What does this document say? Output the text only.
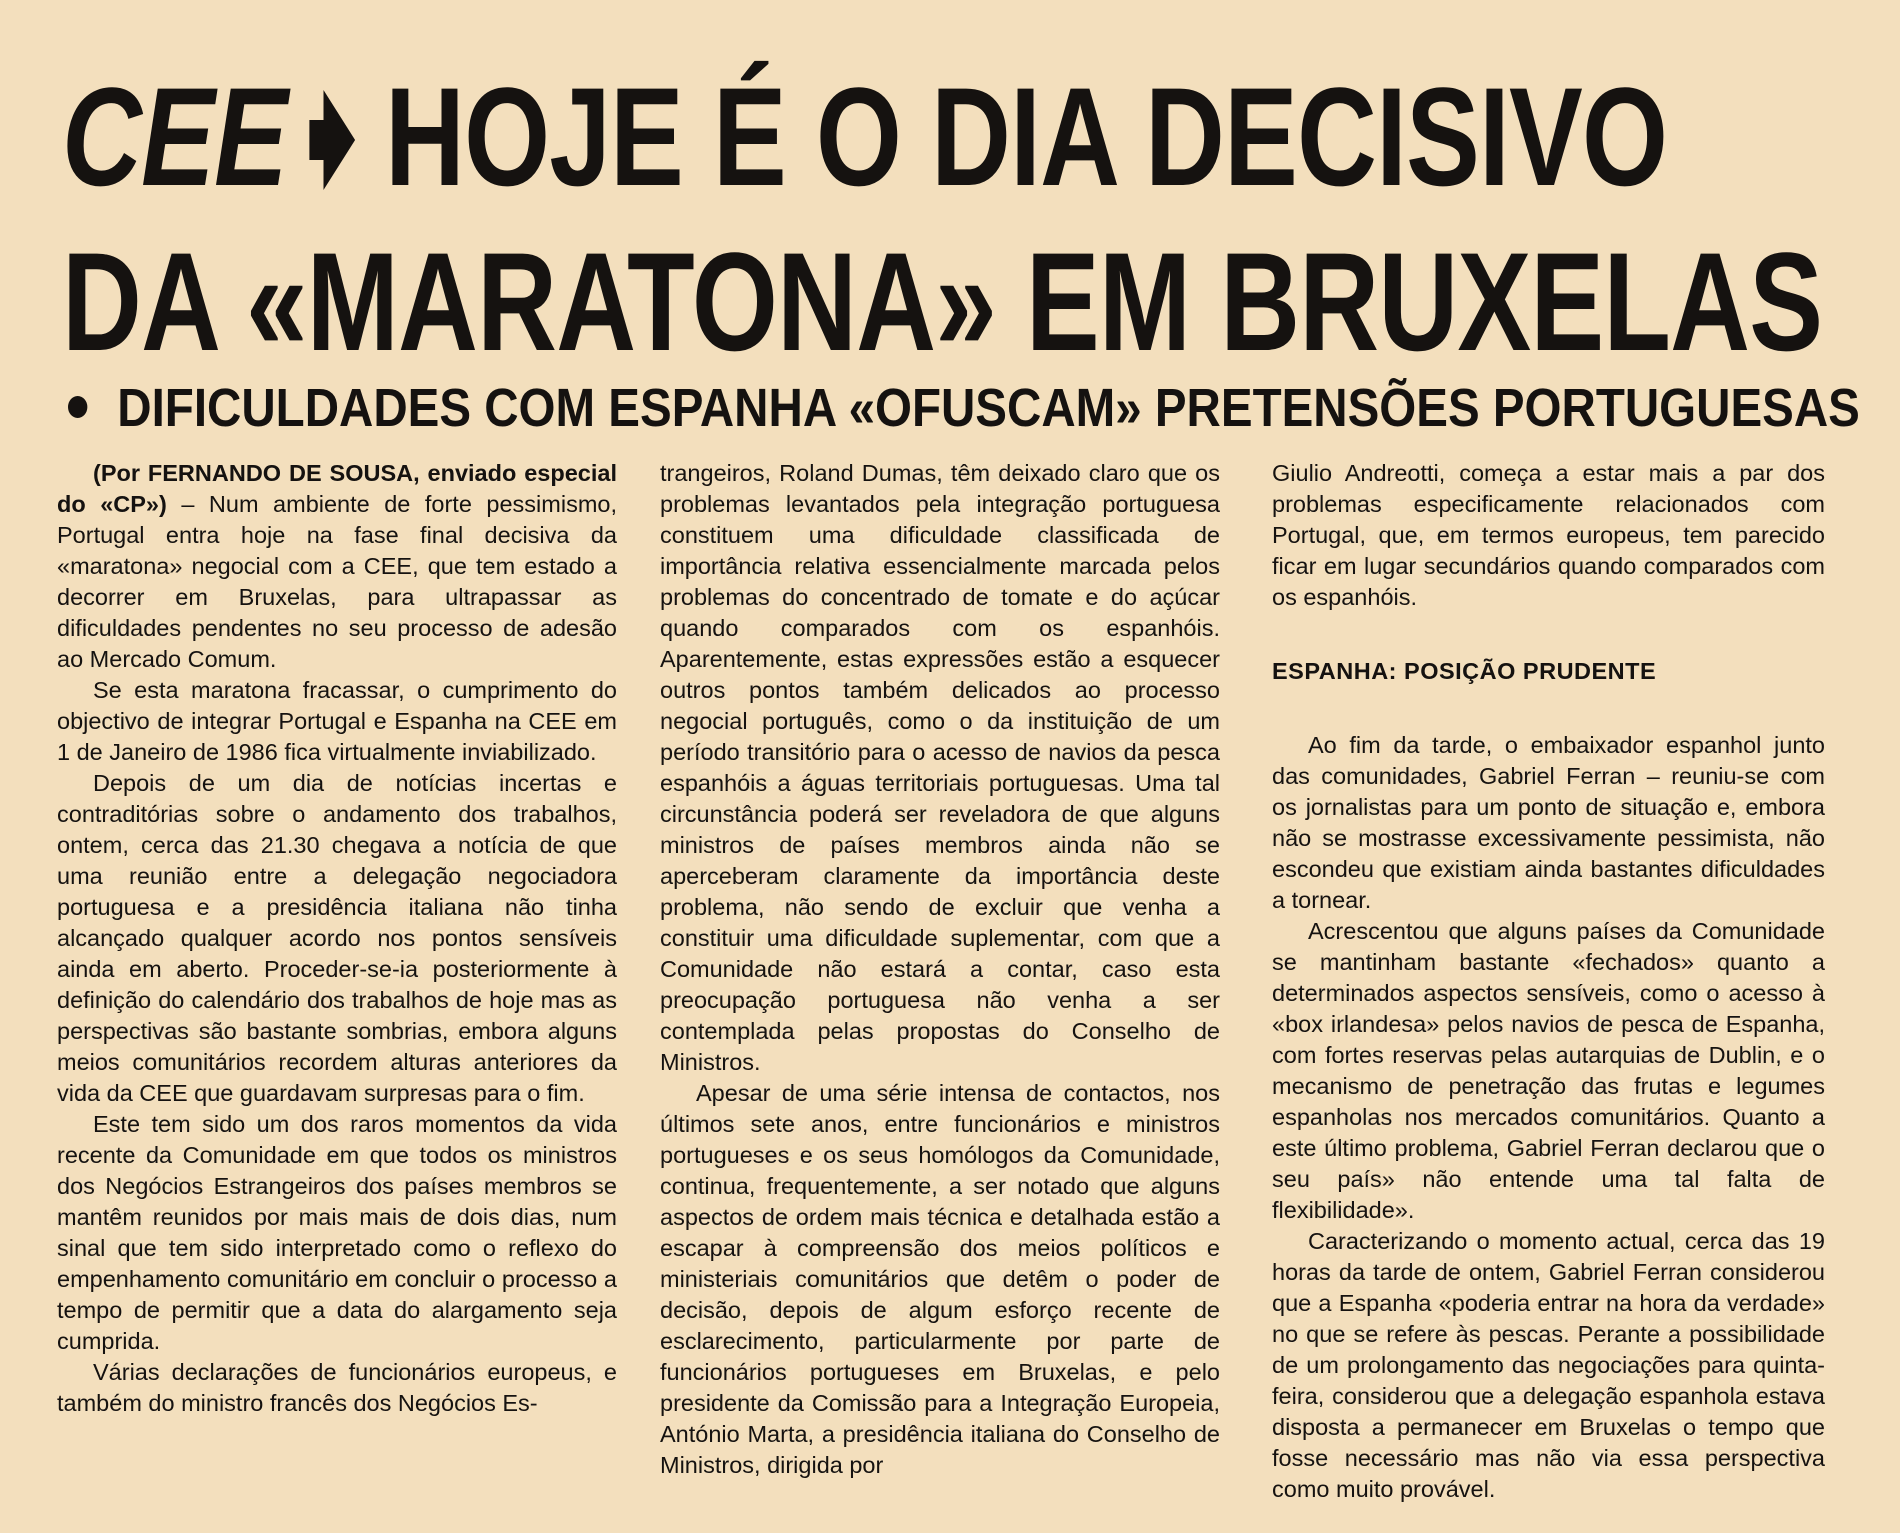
CEE HOJE É O DIA DECISIVO
DA «MARATONA» EM BRUXELAS
DIFICULDADES COM ESPANHA «OFUSCAM» PRETENSÕES PORTUGUESAS

(Por FERNANDO DE SOUSA, enviado especial do «CP») – Num ambiente de forte pessimismo, Portugal entra hoje na fase final decisiva da «maratona» negocial com a CEE, que tem estado a decorrer em Bruxelas, para ultrapassar as dificuldades pendentes no seu processo de adesão ao Mercado Comum.

Se esta maratona fracassar, o cumprimento do objectivo de integrar Portugal e Espanha na CEE em 1 de Janeiro de 1986 fica virtualmente inviabilizado.

Depois de um dia de notícias incertas e contraditórias sobre o andamento dos trabalhos, ontem, cerca das 21.30 chegava a notícia de que uma reunião entre a delegação negociadora portuguesa e a presidência italiana não tinha alcançado qualquer acordo nos pontos sensíveis ainda em aberto. Proceder-se-ia posteriormente à definição do calendário dos trabalhos de hoje mas as perspectivas são bastante sombrias, embora alguns meios comunitários recordem alturas anteriores da vida da CEE que guardavam surpresas para o fim.

Este tem sido um dos raros momentos da vida recente da Comunidade em que todos os ministros dos Negócios Estrangeiros dos países membros se mantêm reunidos por mais mais de dois dias, num sinal que tem sido interpretado como o reflexo do empenhamento comunitário em concluir o processo a tempo de permitir que a data do alargamento seja cumprida.

Várias declarações de funcionários europeus, e também do ministro francês dos Negócios Es-

trangeiros, Roland Dumas, têm deixado claro que os problemas levantados pela integração portuguesa constituem uma dificuldade classificada de importância relativa essencialmente marcada pelos problemas do concentrado de tomate e do açúcar quando comparados com os espanhóis. Aparentemente, estas expressões estão a esquecer outros pontos também delicados ao processo negocial português, como o da instituição de um período transitório para o acesso de navios da pesca espanhóis a águas territoriais portuguesas. Uma tal circunstância poderá ser reveladora de que alguns ministros de países membros ainda não se aperceberam claramente da importância deste problema, não sendo de excluir que venha a constituir uma dificuldade suplementar, com que a Comunidade não estará a contar, caso esta preocupação portuguesa não venha a ser contemplada pelas propostas do Conselho de Ministros.

Apesar de uma série intensa de contactos, nos últimos sete anos, entre funcionários e ministros portugueses e os seus homólogos da Comunidade, continua, frequentemente, a ser notado que alguns aspectos de ordem mais técnica e detalhada estão a escapar à compreensão dos meios políticos e ministeriais comunitários que detêm o poder de decisão, depois de algum esforço recente de esclarecimento, particularmente por parte de funcionários portugueses em Bruxelas, e pelo presidente da Comissão para a Integração Europeia, António Marta, a presidência italiana do Conselho de Ministros, dirigida por

Giulio Andreotti, começa a estar mais a par dos problemas especificamente relacionados com Portugal, que, em termos europeus, tem parecido ficar em lugar secundários quando comparados com os espanhóis.

ESPANHA: POSIÇÃO PRUDENTE

Ao fim da tarde, o embaixador espanhol junto das comunidades, Gabriel Ferran – reuniu-se com os jornalistas para um ponto de situação e, embora não se mostrasse excessivamente pessimista, não escondeu que existiam ainda bastantes dificuldades a tornear.

Acrescentou que alguns países da Comunidade se mantinham bastante «fechados» quanto a determinados aspectos sensíveis, como o acesso à «box irlandesa» pelos navios de pesca de Espanha, com fortes reservas pelas autarquias de Dublin, e o mecanismo de penetração das frutas e legumes espanholas nos mercados comunitários. Quanto a este último problema, Gabriel Ferran declarou que o seu país» não entende uma tal falta de flexibilidade».

Caracterizando o momento actual, cerca das 19 horas da tarde de ontem, Gabriel Ferran considerou que a Espanha «poderia entrar na hora da verdade» no que se refere às pescas. Perante a possibilidade de um prolongamento das negociações para quinta-feira, considerou que a delegação espanhola estava disposta a permanecer em Bruxelas o tempo que fosse necessário mas não via essa perspectiva como muito provável.
